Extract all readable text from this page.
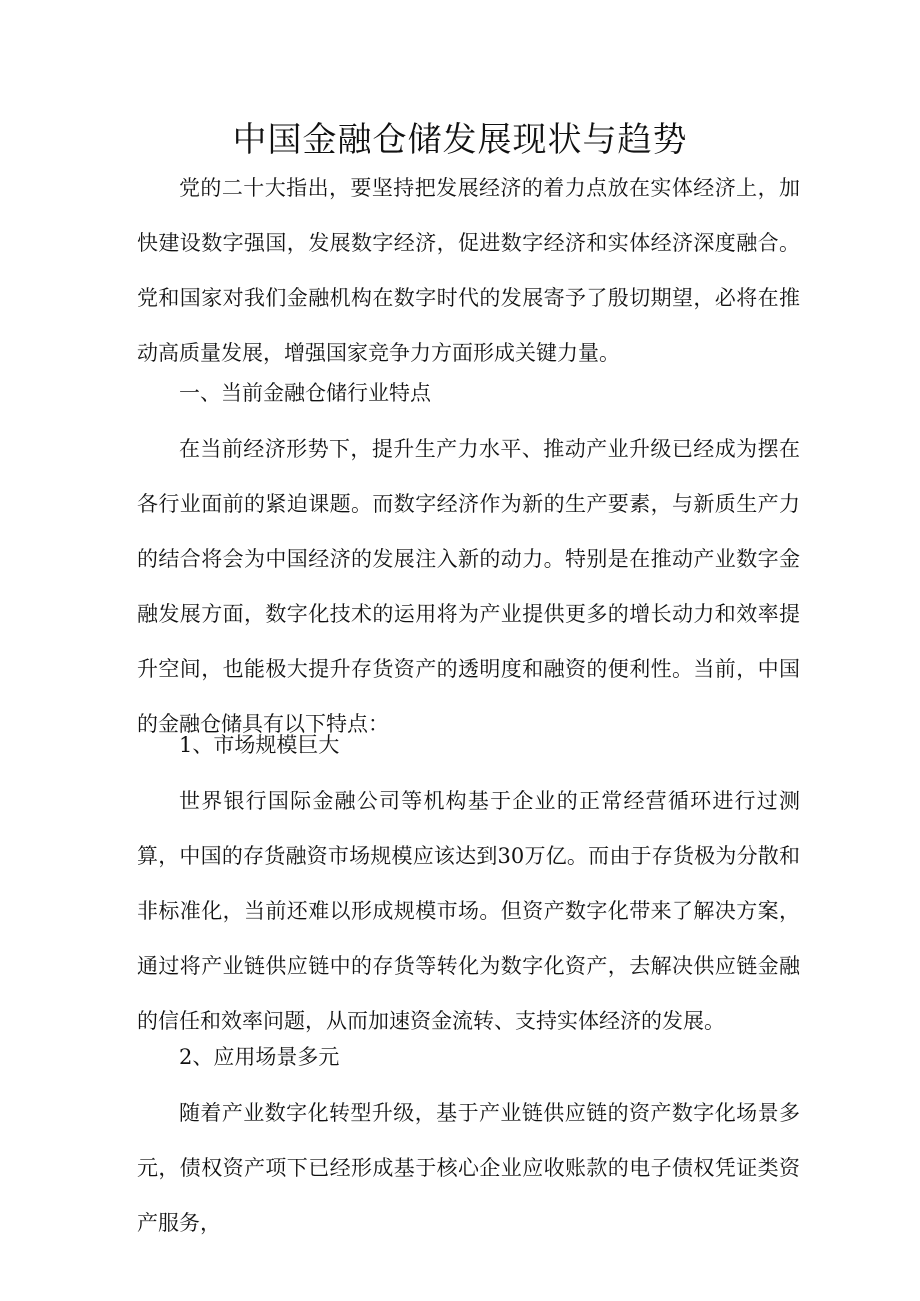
中国金融仓储发展现状与趋势

党的二十大指出，要坚持把发展经济的着力点放在实体经济上，加快建设数字强国，发展数字经济，促进数字经济和实体经济深度融合。党和国家对我们金融机构在数字时代的发展寄予了殷切期望，必将在推动高质量发展，增强国家竞争力方面形成关键力量。

一、当前金融仓储行业特点

在当前经济形势下，提升生产力水平、推动产业升级已经成为摆在各行业面前的紧迫课题。而数字经济作为新的生产要素，与新质生产力的结合将会为中国经济的发展注入新的动力。特别是在推动产业数字金融发展方面，数字化技术的运用将为产业提供更多的增长动力和效率提升空间，也能极大提升存货资产的透明度和融资的便利性。当前，中国的金融仓储具有以下特点：

1、市场规模巨大

世界银行国际金融公司等机构基于企业的正常经营循环进行过测算，中国的存货融资市场规模应该达到30万亿。而由于存货极为分散和非标准化，当前还难以形成规模市场。但资产数字化带来了解决方案，通过将产业链供应链中的存货等转化为数字化资产，去解决供应链金融的信任和效率问题，从而加速资金流转、支持实体经济的发展。

2、应用场景多元

随着产业数字化转型升级，基于产业链供应链的资产数字化场景多元，债权资产项下已经形成基于核心企业应收账款的电子债权凭证类资产服务，
